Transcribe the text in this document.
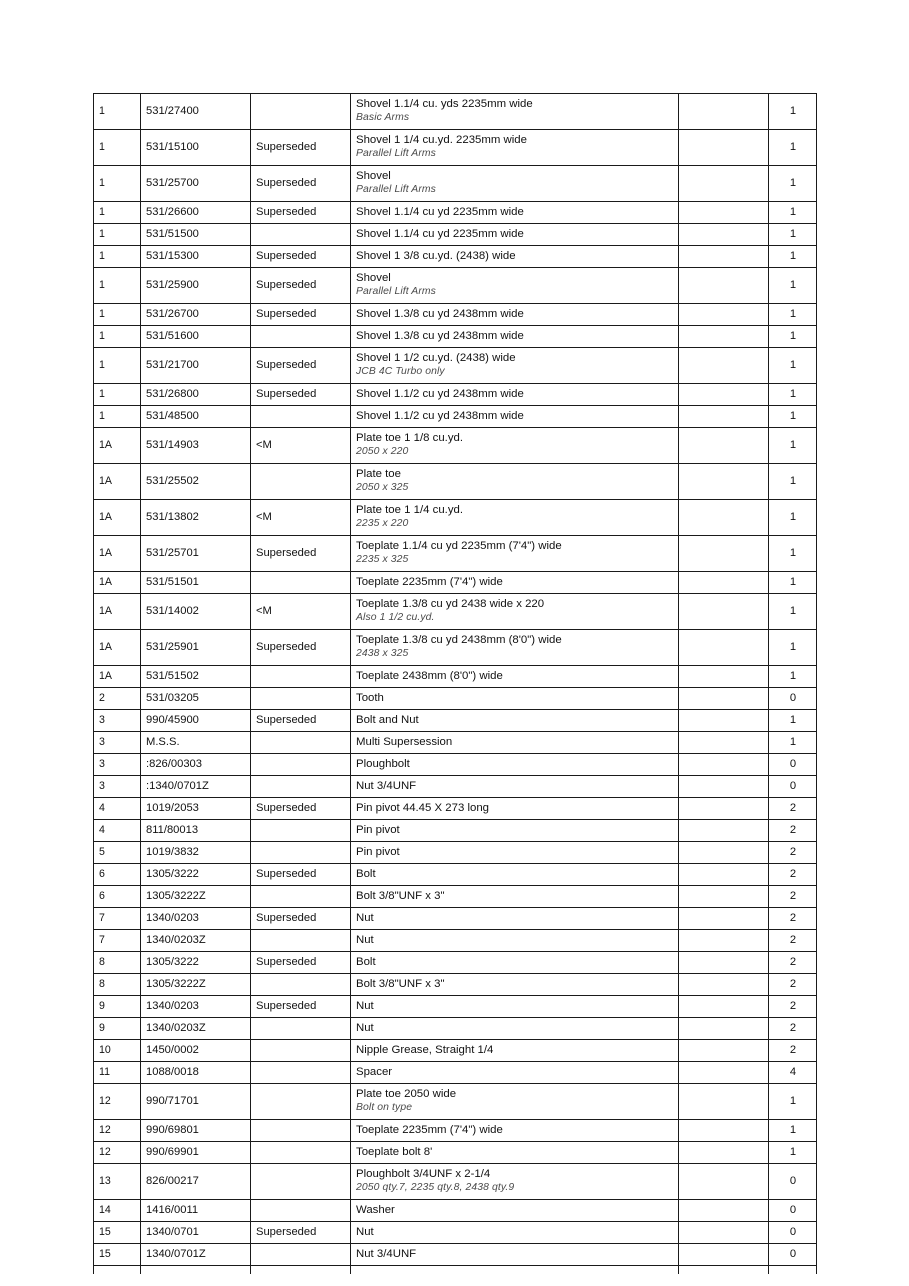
1	531/27400		Shovel 1.1/4 cu. yds 2235mm wide
Basic Arms		1
1	531/15100	Superseded	Shovel 1 1/4 cu.yd. 2235mm wide
Parallel Lift Arms		1
1	531/25700	Superseded	Shovel
Parallel Lift Arms		1
1	531/26600	Superseded	Shovel 1.1/4 cu yd 2235mm wide		1
1	531/51500		Shovel 1.1/4 cu yd 2235mm wide		1
1	531/15300	Superseded	Shovel 1 3/8 cu.yd. (2438) wide		1
1	531/25900	Superseded	Shovel
Parallel Lift Arms		1
1	531/26700	Superseded	Shovel 1.3/8 cu yd 2438mm wide		1
1	531/51600		Shovel 1.3/8 cu yd 2438mm wide		1
1	531/21700	Superseded	Shovel 1 1/2 cu.yd. (2438) wide
JCB 4C Turbo only		1
1	531/26800	Superseded	Shovel 1.1/2 cu yd 2438mm wide		1
1	531/48500		Shovel 1.1/2 cu yd 2438mm wide		1
1A	531/14903	<M	Plate toe 1 1/8 cu.yd.
2050 x 220		1
1A	531/25502		Plate toe
2050 x 325		1
1A	531/13802	<M	Plate toe 1 1/4 cu.yd.
2235 x 220		1
1A	531/25701	Superseded	Toeplate 1.1/4 cu yd 2235mm (7'4") wide
2235 x 325		1
1A	531/51501		Toeplate 2235mm (7'4") wide		1
1A	531/14002	<M	Toeplate 1.3/8 cu yd 2438 wide x 220
Also 1 1/2 cu.yd.		1
1A	531/25901	Superseded	Toeplate 1.3/8 cu yd 2438mm (8'0") wide
2438 x 325		1
1A	531/51502		Toeplate 2438mm (8'0") wide		1
2	531/03205		Tooth		0
3	990/45900	Superseded	Bolt and Nut		1
3	M.S.S.		Multi Supersession		1
3	:826/00303		Ploughbolt		0
3	:1340/0701Z		Nut 3/4UNF		0
4	1019/2053	Superseded	Pin pivot 44.45 X 273 long		2
4	811/80013		Pin pivot		2
5	1019/3832		Pin pivot		2
6	1305/3222	Superseded	Bolt		2
6	1305/3222Z		Bolt 3/8"UNF x 3"		2
7	1340/0203	Superseded	Nut		2
7	1340/0203Z		Nut		2
8	1305/3222	Superseded	Bolt		2
8	1305/3222Z		Bolt 3/8"UNF x 3"		2
9	1340/0203	Superseded	Nut		2
9	1340/0203Z		Nut		2
10	1450/0002		Nipple Grease, Straight 1/4		2
11	1088/0018		Spacer		4
12	990/71701		Plate toe 2050 wide
Bolt on type		1
12	990/69801		Toeplate 2235mm (7'4") wide		1
12	990/69901		Toeplate bolt 8'		1
13	826/00217		Ploughbolt 3/4UNF x 2-1/4
2050 qty.7, 2235 qty.8, 2438 qty.9		0
14	1416/0011		Washer		0
15	1340/0701	Superseded	Nut		0
15	1340/0701Z		Nut 3/4UNF		0
